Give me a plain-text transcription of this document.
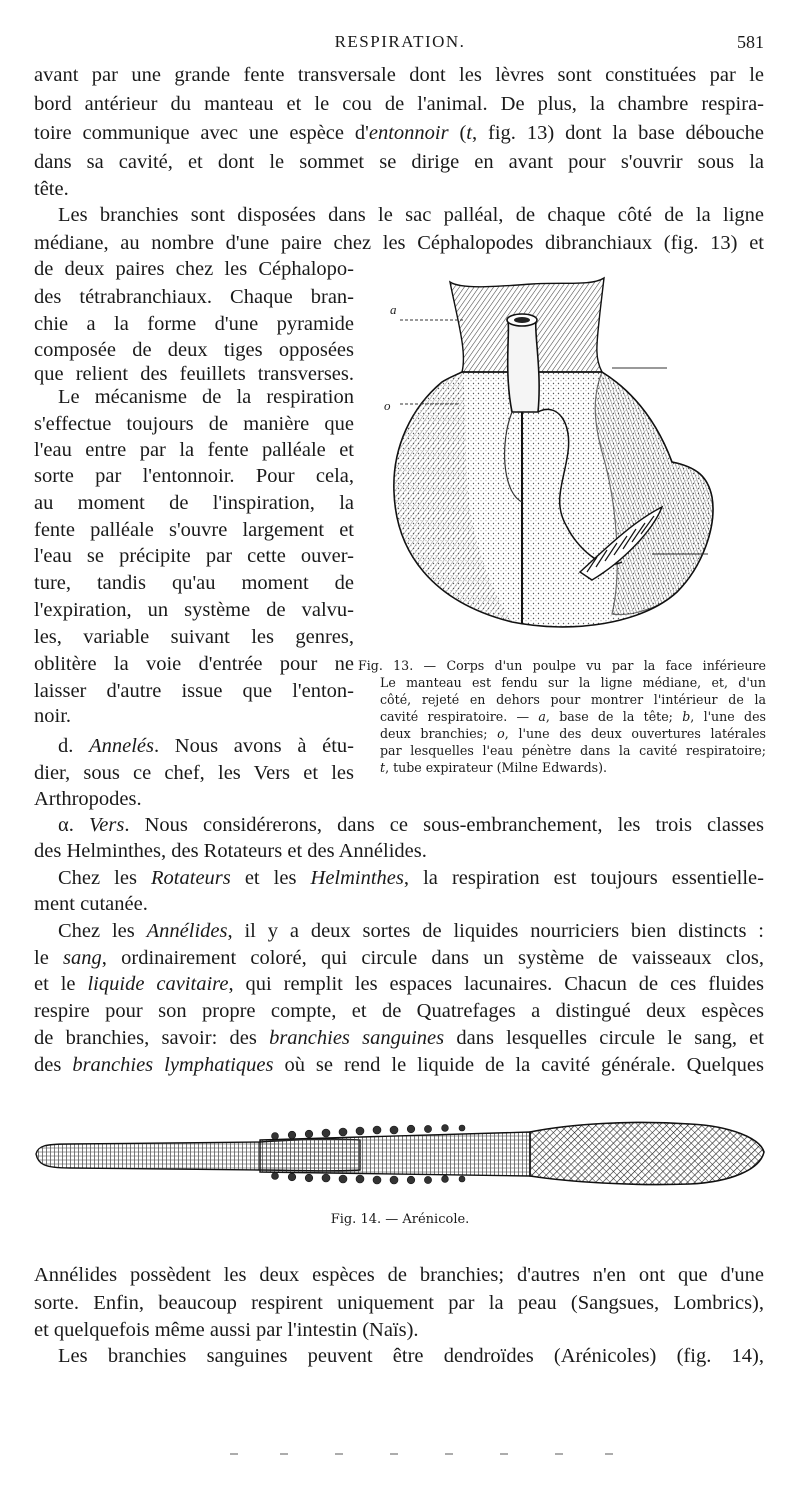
RESPIRATION.	581
avant par une grande fente transversale dont les lèvres sont constituées par le
bord antérieur du manteau et le cou de l'animal. De plus, la chambre respira-
toire communique avec une espèce d'entonnoir (t, fig. 13) dont la base débouche
dans sa cavité, et dont le sommet se dirige en avant pour s'ouvrir sous la
tête.
Les branchies sont disposées dans le sac palléal, de chaque côté de la ligne
médiane, au nombre d'une paire chez les Céphalopodes dibranchiaux (fig. 13) et
de deux paires chez les Céphalopo-
des tétrabranchiaux. Chaque bran-
chie a la forme d'une pyramide
composée de deux tiges opposées
que relient des feuillets transverses.
Le mécanisme de la respiration
s'effectue toujours de manière que
l'eau entre par la fente palléale et
sorte par l'entonnoir. Pour cela,
au moment de l'inspiration, la
fente palléale s'ouvre largement et
l'eau se précipite par cette ouver-
ture, tandis qu'au moment de
l'expiration, un système de valvu-
les, variable suivant les genres,
oblitère la voie d'entrée pour ne
laisser d'autre issue que l'enton-
noir.
d. Annelés. Nous avons à étu-
dier, sous ce chef, les Vers et les
Arthropodes.
a
o
Fig. 13. — Corps d'un poulpe vu par la face inférieure
Le manteau est fendu sur la ligne médiane, et, d'un
côté, rejeté en dehors pour montrer l'intérieur de la
cavité respiratoire. — a, base de la tête; b, l'une des
deux branchies; o, l'une des deux ouvertures latérales
par lesquelles l'eau pénètre dans la cavité respiratoire;
t, tube expirateur (Milne Edwards).
α. Vers. Nous considérerons, dans ce sous-embranchement, les trois classes
des Helminthes, des Rotateurs et des Annélides.
Chez les Rotateurs et les Helminthes, la respiration est toujours essentielle-
ment cutanée.
Chez les Annélides, il y a deux sortes de liquides nourriciers bien distincts :
le sang, ordinairement coloré, qui circule dans un système de vaisseaux clos,
et le liquide cavitaire, qui remplit les espaces lacunaires. Chacun de ces fluides
respire pour son propre compte, et de Quatrefages a distingué deux espèces
de branchies, savoir: des branchies sanguines dans lesquelles circule le sang, et
des branchies lymphatiques où se rend le liquide de la cavité générale. Quelques
Fig. 14. — Arénicole.
Annélides possèdent les deux espèces de branchies; d'autres n'en ont que d'une
sorte. Enfin, beaucoup respirent uniquement par la peau (Sangsues, Lombrics),
et quelquefois même aussi par l'intestin (Naïs).
Les branchies sanguines peuvent être dendroïdes (Arénicoles) (fig. 14),
